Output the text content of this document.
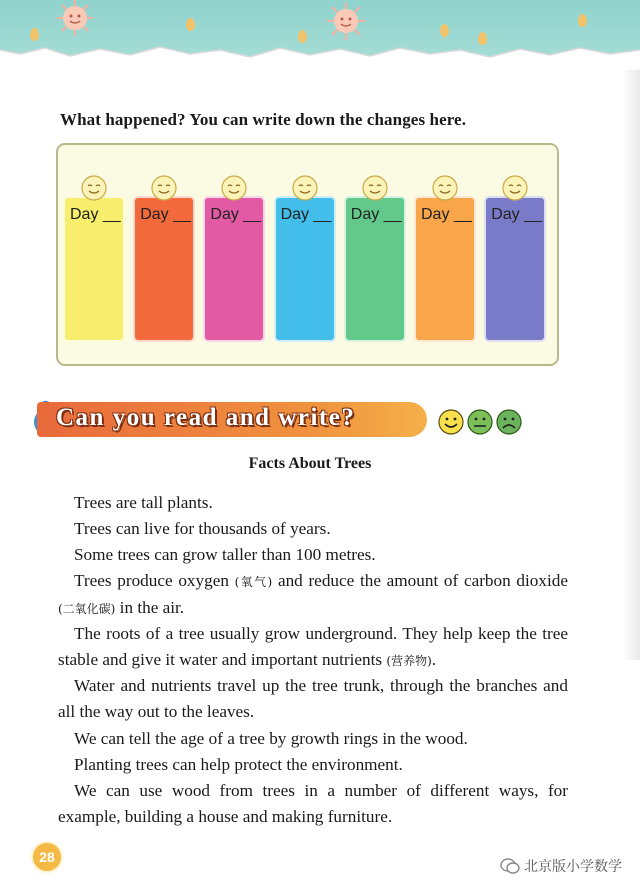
What happened? You can write down the changes here.
Day __ Day __ Day __ Day __ Day __ Day __ Day __
Can you read and write?
Facts About Trees
Trees are tall plants.
Trees can live for thousands of years.
Some trees can grow taller than 100 metres.
Trees produce oxygen (氧气) and reduce the amount of carbon dioxide (二氧化碳) in the air.
The roots of a tree usually grow underground. They help keep the tree stable and give it water and important nutrients (营养物).
Water and nutrients travel up the tree trunk, through the branches and all the way out to the leaves.
We can tell the age of a tree by growth rings in the wood.
Planting trees can help protect the environment.
We can use wood from trees in a number of different ways, for example, building a house and making furniture.
28
北京版小学数学
